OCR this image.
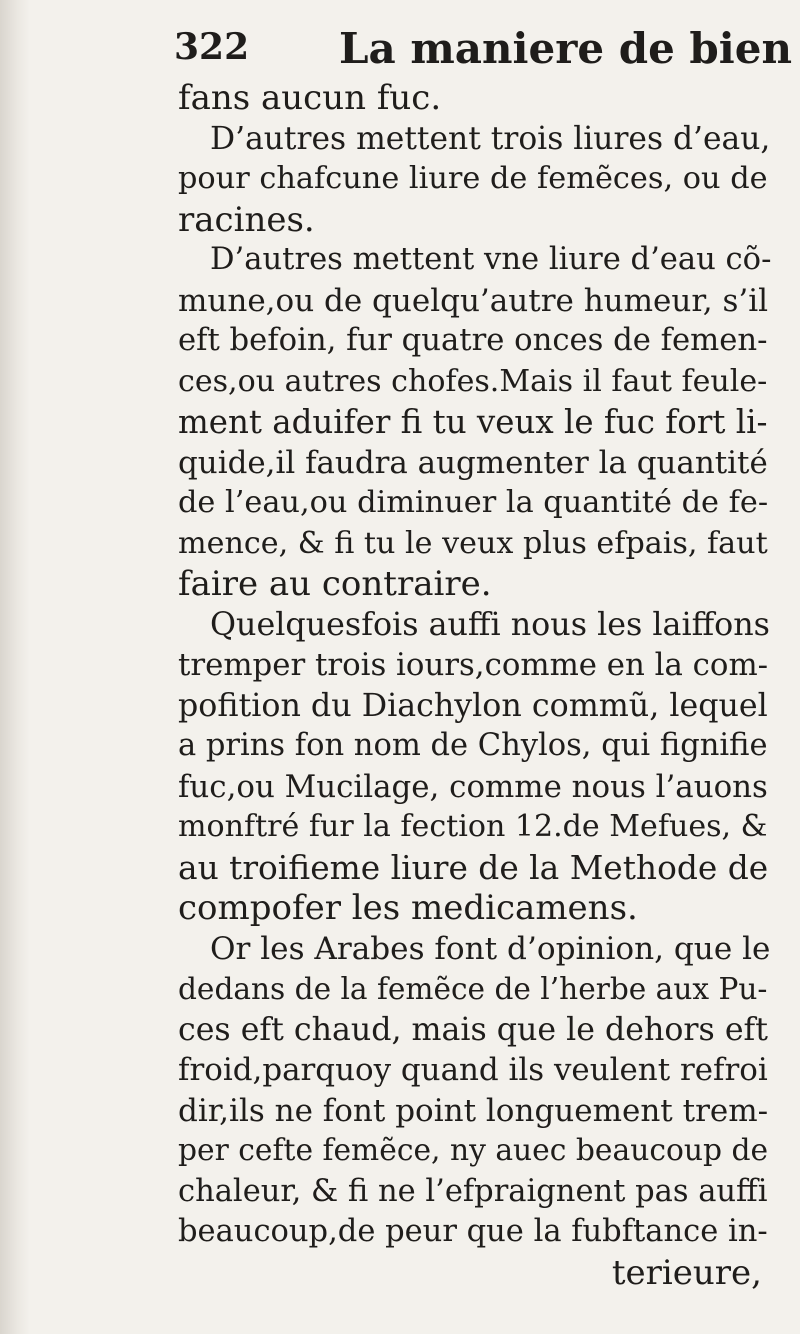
322 La maniere de bien
fans aucun fuc.
D’autres mettent trois liures d’eau,
pour chafcune liure de femẽces, ou de
racines.
D’autres mettent vne liure d’eau cõ-
mune,ou de quelqu’autre humeur, s’il
eft befoin, fur quatre onces de femen-
ces,ou autres chofes.Mais il faut feule-
ment aduifer fi tu veux le fuc fort li-
quide,il faudra augmenter la quantité
de l’eau,ou diminuer la quantité de fe-
mence, & fi tu le veux plus efpais, faut
faire au contraire.
Quelquesfois auffi nous les laiffons
tremper trois iours,comme en la com-
pofition du Diachylon commũ, lequel
a prins fon nom de Chylos, qui fignifie
fuc,ou Mucilage, comme nous l’auons
monftré fur la fection 12.de Mefues, &
au troifieme liure de la Methode de
compofer les medicamens.
Or les Arabes font d’opinion, que le
dedans de la femẽce de l’herbe aux Pu-
ces eft chaud, mais que le dehors eft
froid,parquoy quand ils veulent refroi
dir,ils ne font point longuement trem-
per cefte femẽce, ny auec beaucoup de
chaleur, & fi ne l’efpraignent pas auffi
beaucoup,de peur que la fubftance in-
terieure,
